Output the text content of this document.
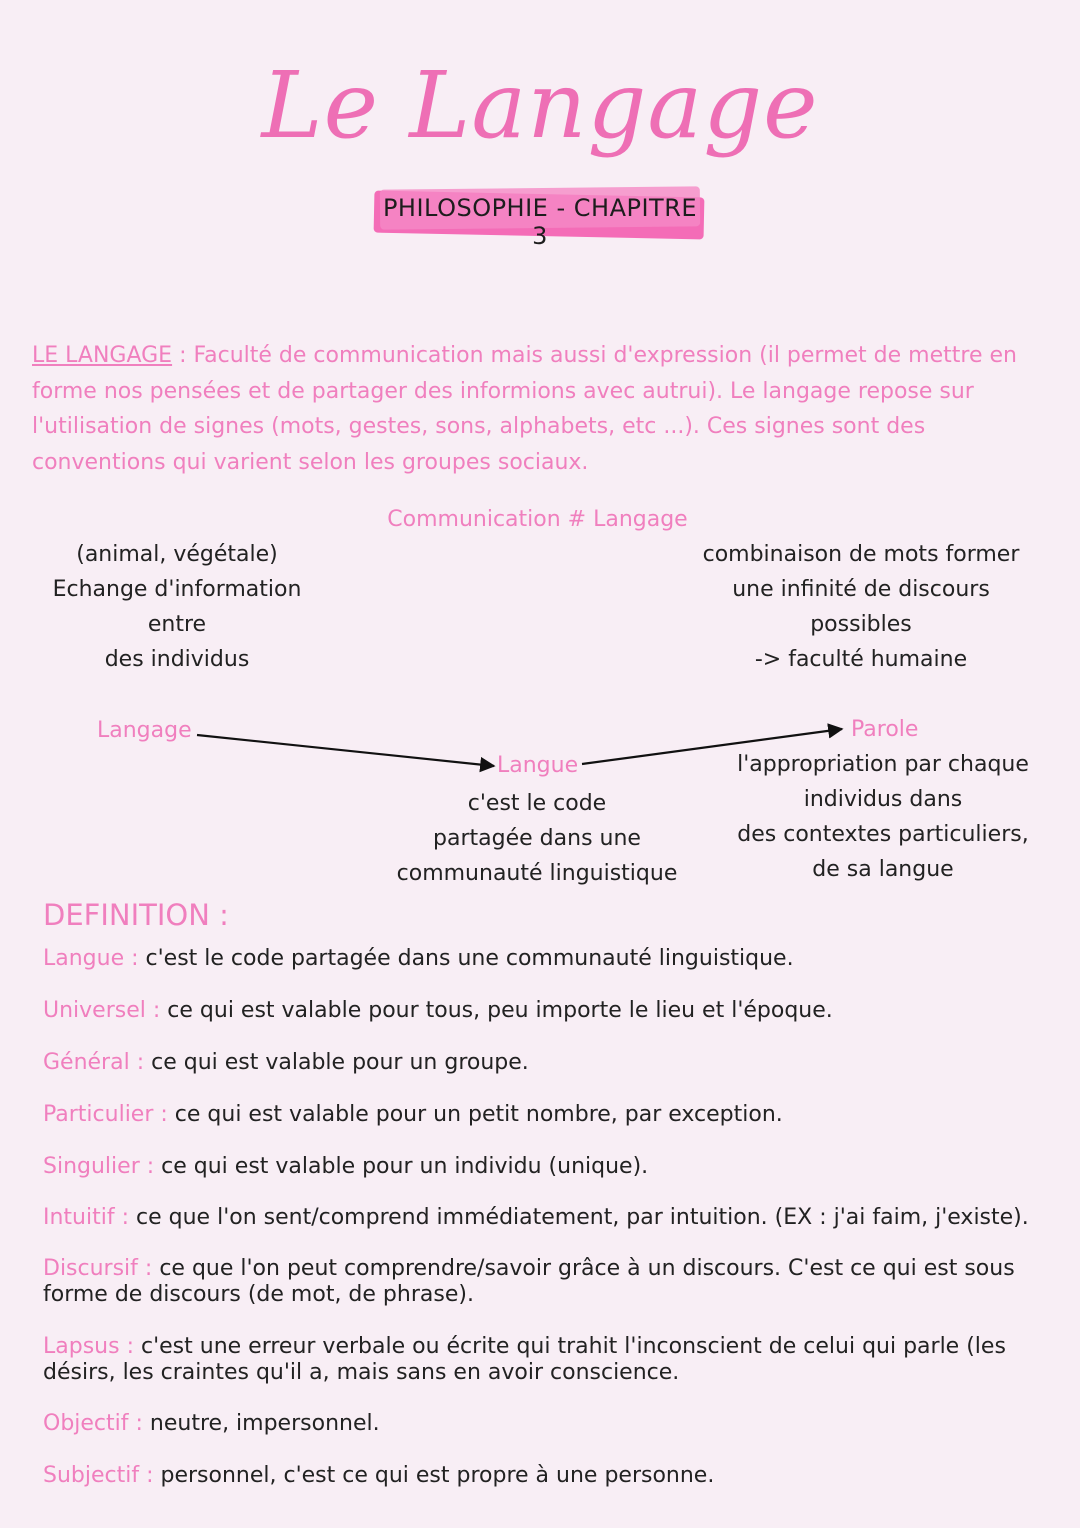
Le Langage
PHILOSOPHIE - CHAPITRE 3
LE LANGAGE : Faculté de communication mais aussi d'expression (il permet de mettre en forme nos pensées et de partager des informions avec autrui). Le langage repose sur l'utilisation de signes (mots, gestes, sons, alphabets, etc ...). Ces signes sont des conventions qui varient selon les groupes sociaux.
Communication # Langage
(animal, végétale)
Echange d'information entre
des individus
combinaison de mots former
une infinité de discours
possibles
-> faculté humaine
Langage
Langue
Parole
c'est le code
partagée dans une
communauté linguistique
l'appropriation par chaque
individus dans
des contextes particuliers,
de sa langue
DEFINITION :
Langue : c'est le code partagée dans une communauté linguistique.
Universel : ce qui est valable pour tous, peu importe le lieu et l'époque.
Général : ce qui est valable pour un groupe.
Particulier : ce qui est valable pour un petit nombre, par exception.
Singulier : ce qui est valable pour un individu (unique).
Intuitif : ce que l'on sent/comprend immédiatement, par intuition. (EX : j'ai faim, j'existe).
Discursif : ce que l'on peut comprendre/savoir grâce à un discours. C'est ce qui est sous forme de discours (de mot, de phrase).
Lapsus : c'est une erreur verbale ou écrite qui trahit l'inconscient de celui qui parle (les désirs, les craintes qu'il a, mais sans en avoir conscience.
Objectif : neutre, impersonnel.
Subjectif : personnel, c'est ce qui est propre à une personne.
